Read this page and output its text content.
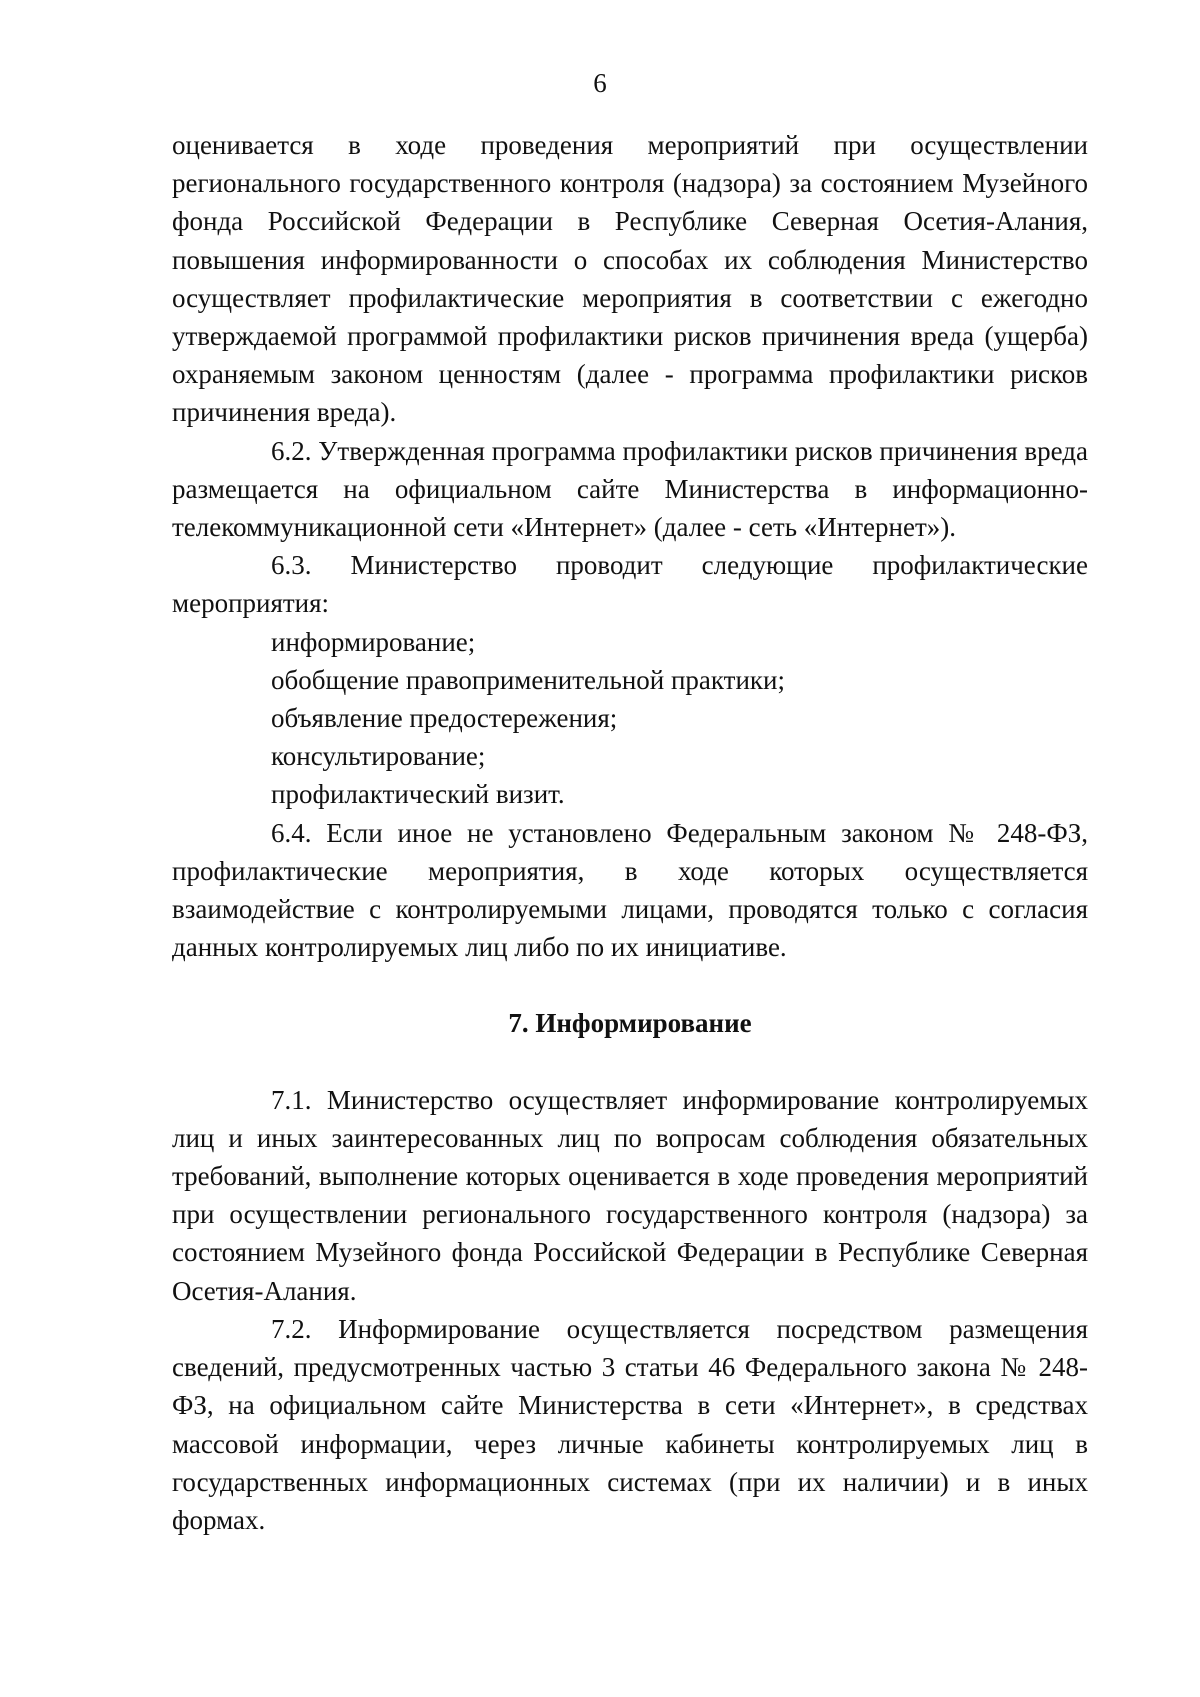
6

оценивается в ходе проведения мероприятий при осуществлении регионального государственного контроля (надзора) за состоянием Музейного фонда Российской Федерации в Республике Северная Осетия-Алания, повышения информированности о способах их соблюдения Министерство осуществляет профилактические мероприятия в соответствии с ежегодно утверждаемой программой профилактики рисков причинения вреда (ущерба) охраняемым законом ценностям (далее - программа профилактики рисков причинения вреда).

6.2. Утвержденная программа профилактики рисков причинения вреда размещается на официальном сайте Министерства в информационно-телекоммуникационной сети «Интернет» (далее - сеть «Интернет»).

6.3. Министерство проводит следующие профилактические мероприятия:

информирование;

обобщение правоприменительной практики;

объявление предостережения;

консультирование;

профилактический визит.

6.4. Если иное не установлено Федеральным законом № 248-ФЗ, профилактические мероприятия, в ходе которых осуществляется взаимодействие с контролируемыми лицами, проводятся только с согласия данных контролируемых лиц либо по их инициативе.

7. Информирование

7.1. Министерство осуществляет информирование контролируемых лиц и иных заинтересованных лиц по вопросам соблюдения обязательных требований, выполнение которых оценивается в ходе проведения мероприятий при осуществлении регионального государственного контроля (надзора) за состоянием Музейного фонда Российской Федерации в Республике Северная Осетия-Алания.

7.2. Информирование осуществляется посредством размещения сведений, предусмотренных частью 3 статьи 46 Федерального закона № 248-ФЗ, на официальном сайте Министерства в сети «Интернет», в средствах массовой информации, через личные кабинеты контролируемых лиц в государственных информационных системах (при их наличии) и в иных формах.
